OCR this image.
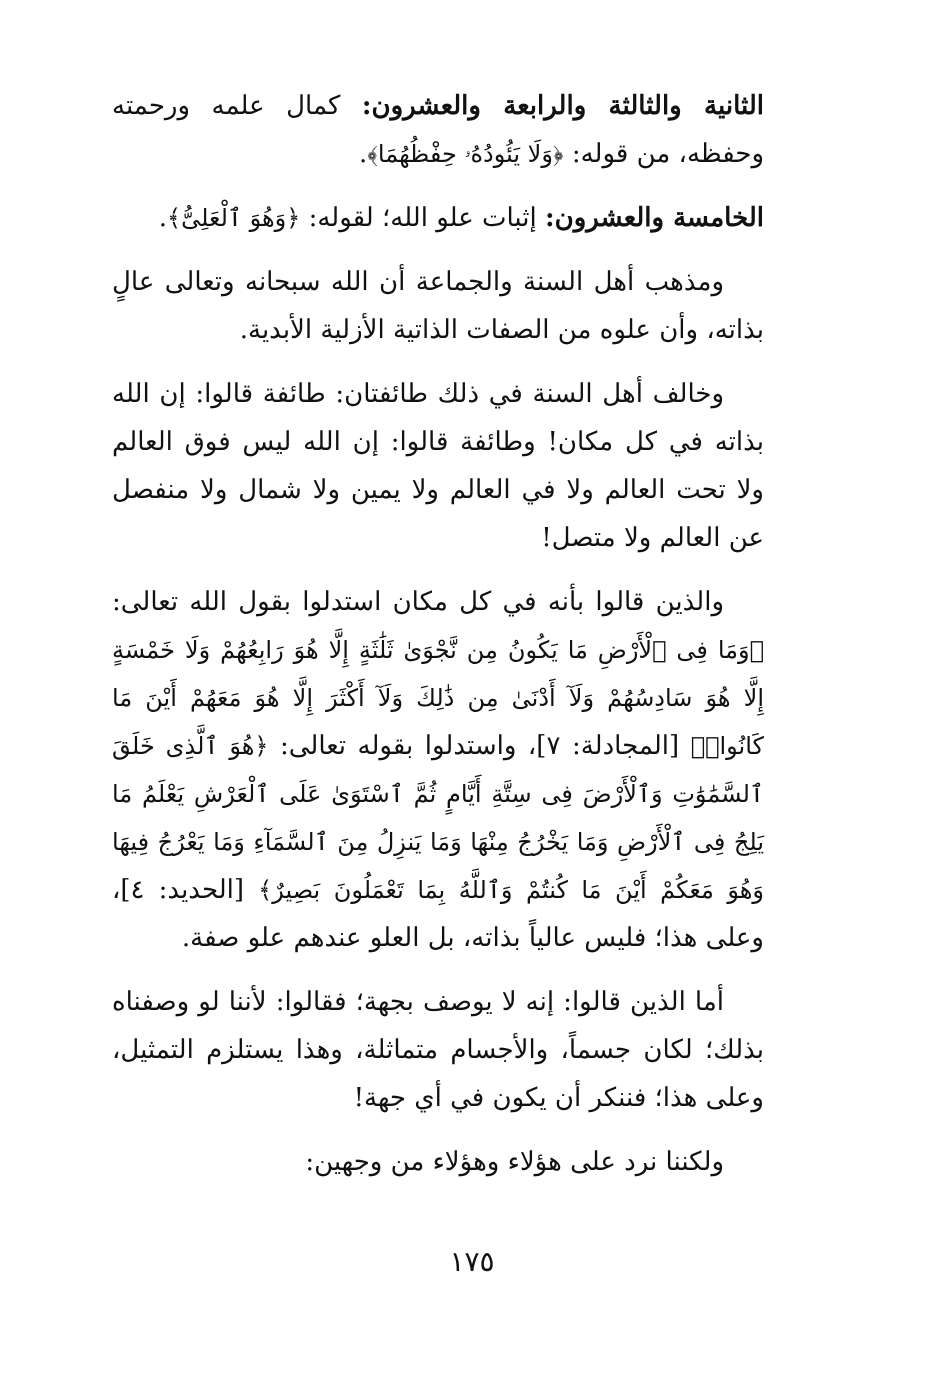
الثانية والثالثة والرابعة والعشرون: كمال علمه ورحمته وحفظه، من قوله: ﴿وَلَا يَئُودُهُۥ حِفْظُهُمَا﴾.

الخامسة والعشرون: إثبات علو الله؛ لقوله: ﴿وَهُوَ ٱلْعَلِىُّ﴾.

ومذهب أهل السنة والجماعة أن الله سبحانه وتعالى عالٍ بذاته، وأن علوه من الصفات الذاتية الأزلية الأبدية.

وخالف أهل السنة في ذلك طائفتان: طائفة قالوا: إن الله بذاته في كل مكان! وطائفة قالوا: إن الله ليس فوق العالم ولا تحت العالم ولا في العالم ولا يمين ولا شمال ولا منفصل عن العالم ولا متصل!

والذين قالوا بأنه في كل مكان استدلوا بقول الله تعالى: ﴿وَمَا فِى ٱلْأَرْضِ مَا يَكُونُ مِن نَّجْوَىٰ ثَلَٰثَةٍ إِلَّا هُوَ رَابِعُهُمْ وَلَا خَمْسَةٍ إِلَّا هُوَ سَادِسُهُمْ وَلَآ أَدْنَىٰ مِن ذَٰلِكَ وَلَآ أَكْثَرَ إِلَّا هُوَ مَعَهُمْ أَيْنَ مَا كَانُوا۟﴾ [المجادلة: ٧]، واستدلوا بقوله تعالى: ﴿هُوَ ٱلَّذِى خَلَقَ ٱلسَّمَٰوَٰتِ وَٱلْأَرْضَ فِى سِتَّةِ أَيَّامٍ ثُمَّ ٱسْتَوَىٰ عَلَى ٱلْعَرْشِ يَعْلَمُ مَا يَلِجُ فِى ٱلْأَرْضِ وَمَا يَخْرُجُ مِنْهَا وَمَا يَنزِلُ مِنَ ٱلسَّمَآءِ وَمَا يَعْرُجُ فِيهَا وَهُوَ مَعَكُمْ أَيْنَ مَا كُنتُمْ وَٱللَّهُ بِمَا تَعْمَلُونَ بَصِيرٌ﴾ [الحديد: ٤]، وعلى هذا؛ فليس عالياً بذاته، بل العلو عندهم علو صفة.

أما الذين قالوا: إنه لا يوصف بجهة؛ فقالوا: لأننا لو وصفناه بذلك؛ لكان جسماً، والأجسام متماثلة، وهذا يستلزم التمثيل، وعلى هذا؛ فننكر أن يكون في أي جهة!

ولكننا نرد على هؤلاء وهؤلاء من وجهين:

١٧٥
